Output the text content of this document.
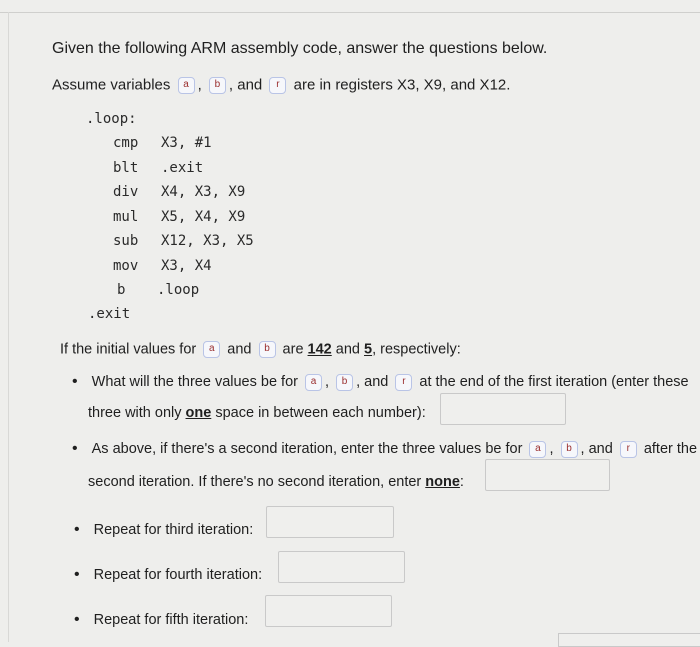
Given the following ARM assembly code, answer the questions below.
Assume variables a , b , and r are in registers X3, X9, and X12.
.loop:
cmp X3, #1
blt .exit
div X4, X3, X9
mul X5, X4, X9
sub X12, X3, X5
mov X3, X4
b .loop
.exit
If the initial values for a and b are 142 and 5, respectively:
• What will the three values be for a , b , and r at the end of the first iteration (enter these
three with only one space in between each number):
• As above, if there's a second iteration, enter the three values be for a , b , and r after the
second iteration. If there's no second iteration, enter none:
• Repeat for third iteration:
• Repeat for fourth iteration:
• Repeat for fifth iteration:
